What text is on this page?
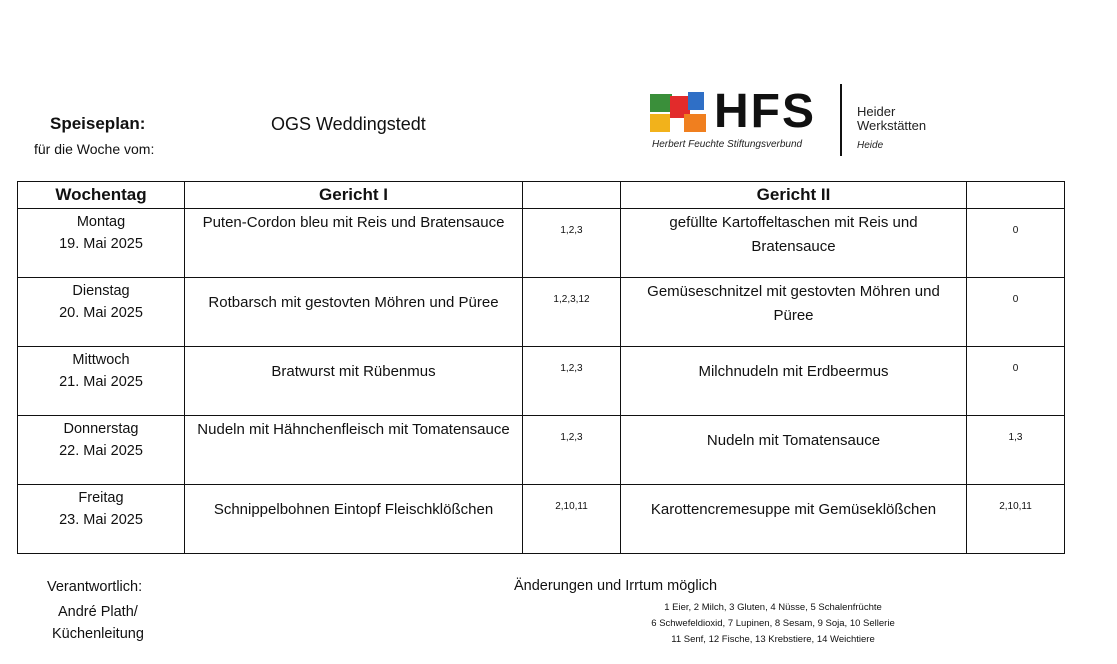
Speiseplan:
für die Woche vom:
OGS Weddingstedt	HFS
Herbert Feuchte Stiftungsverbund
Heider
Werkstätten
Heide
Wochentag	Gericht I		Gericht II	

Montag
19. Mai 2025	Puten-Cordon bleu mit Reis und Bratensauce	1,2,3	gefüllte Kartoffeltaschen mit Reis und Bratensauce	0

Dienstag
20. Mai 2025	Rotbarsch mit gestovten Möhren und Püree	1,2,3,12	Gemüseschnitzel mit gestovten Möhren und Püree	0

Mittwoch
21. Mai 2025	Bratwurst mit Rübenmus	1,2,3	Milchnudeln mit Erdbeermus	0

Donnerstag
22. Mai 2025	Nudeln mit Hähnchenfleisch mit Tomatensauce	1,2,3	Nudeln mit Tomatensauce	1,3

Freitag
23. Mai 2025	Schnippelbohnen Eintopf Fleischklößchen	2,10,11	Karottencremesuppe mit Gemüseklößchen	2,10,11
Verantwortlich:
André Plath/
Küchenleitung
Änderungen und Irrtum möglich
1 Eier, 2 Milch, 3 Gluten, 4 Nüsse, 5 Schalenfrüchte
6 Schwefeldioxid, 7 Lupinen, 8 Sesam, 9 Soja, 10 Sellerie
11 Senf, 12 Fische, 13 Krebstiere, 14 Weichtiere
